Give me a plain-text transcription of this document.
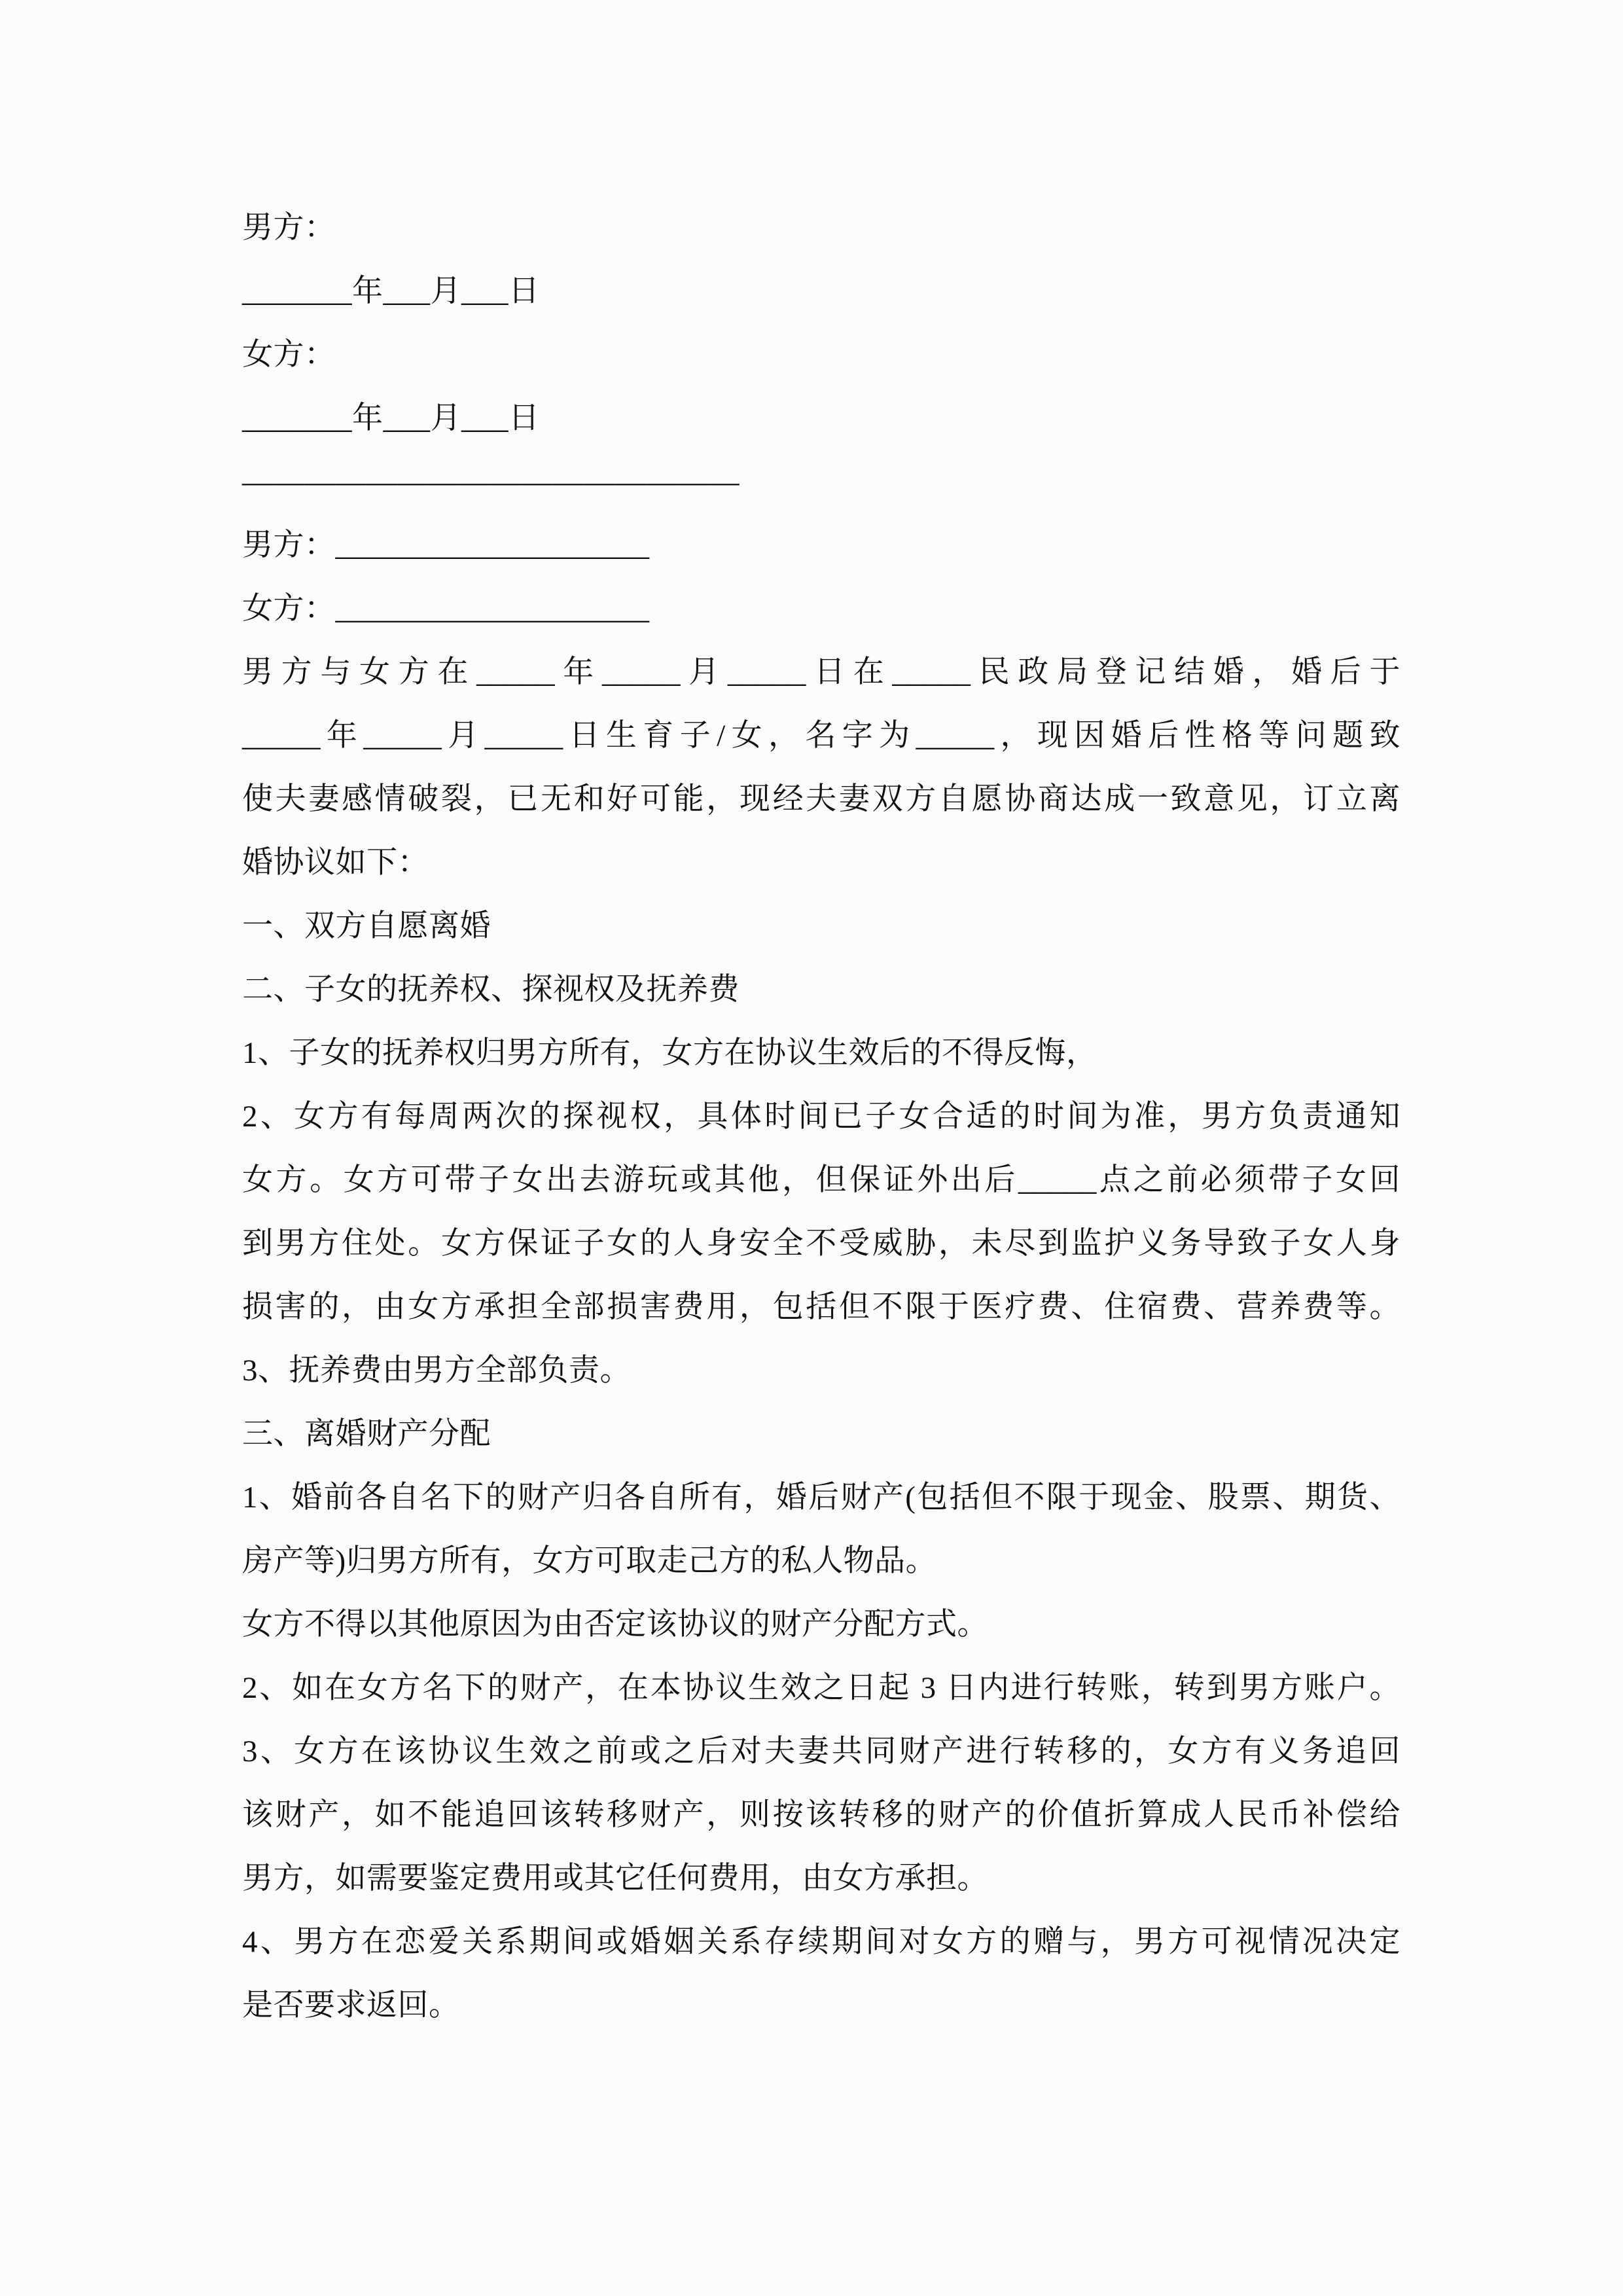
男方：
_______年___月___日
女方：
_______年___月___日
————————————————
男方：____________________
女方：____________________
男方与女方在_____年_____月_____日在_____民政局登记结婚，婚后于
_____年_____月_____日生育子/女，名字为_____，现因婚后性格等问题致
使夫妻感情破裂，已无和好可能，现经夫妻双方自愿协商达成一致意见，订立离
婚协议如下：
一、双方自愿离婚
二、子女的抚养权、探视权及抚养费
1、子女的抚养权归男方所有，女方在协议生效后的不得反悔，
2、女方有每周两次的探视权，具体时间已子女合适的时间为准，男方负责通知
女方。女方可带子女出去游玩或其他，但保证外出后_____点之前必须带子女回
到男方住处。女方保证子女的人身安全不受威胁，未尽到监护义务导致子女人身
损害的，由女方承担全部损害费用，包括但不限于医疗费、住宿费、营养费等。
3、抚养费由男方全部负责。
三、离婚财产分配
1、婚前各自名下的财产归各自所有，婚后财产(包括但不限于现金、股票、期货、
房产等)归男方所有，女方可取走己方的私人物品。
女方不得以其他原因为由否定该协议的财产分配方式。
2、如在女方名下的财产，在本协议生效之日起 3 日内进行转账，转到男方账户。
3、女方在该协议生效之前或之后对夫妻共同财产进行转移的，女方有义务追回
该财产，如不能追回该转移财产，则按该转移的财产的价值折算成人民币补偿给
男方，如需要鉴定费用或其它任何费用，由女方承担。
4、男方在恋爱关系期间或婚姻关系存续期间对女方的赠与，男方可视情况决定
是否要求返回。
